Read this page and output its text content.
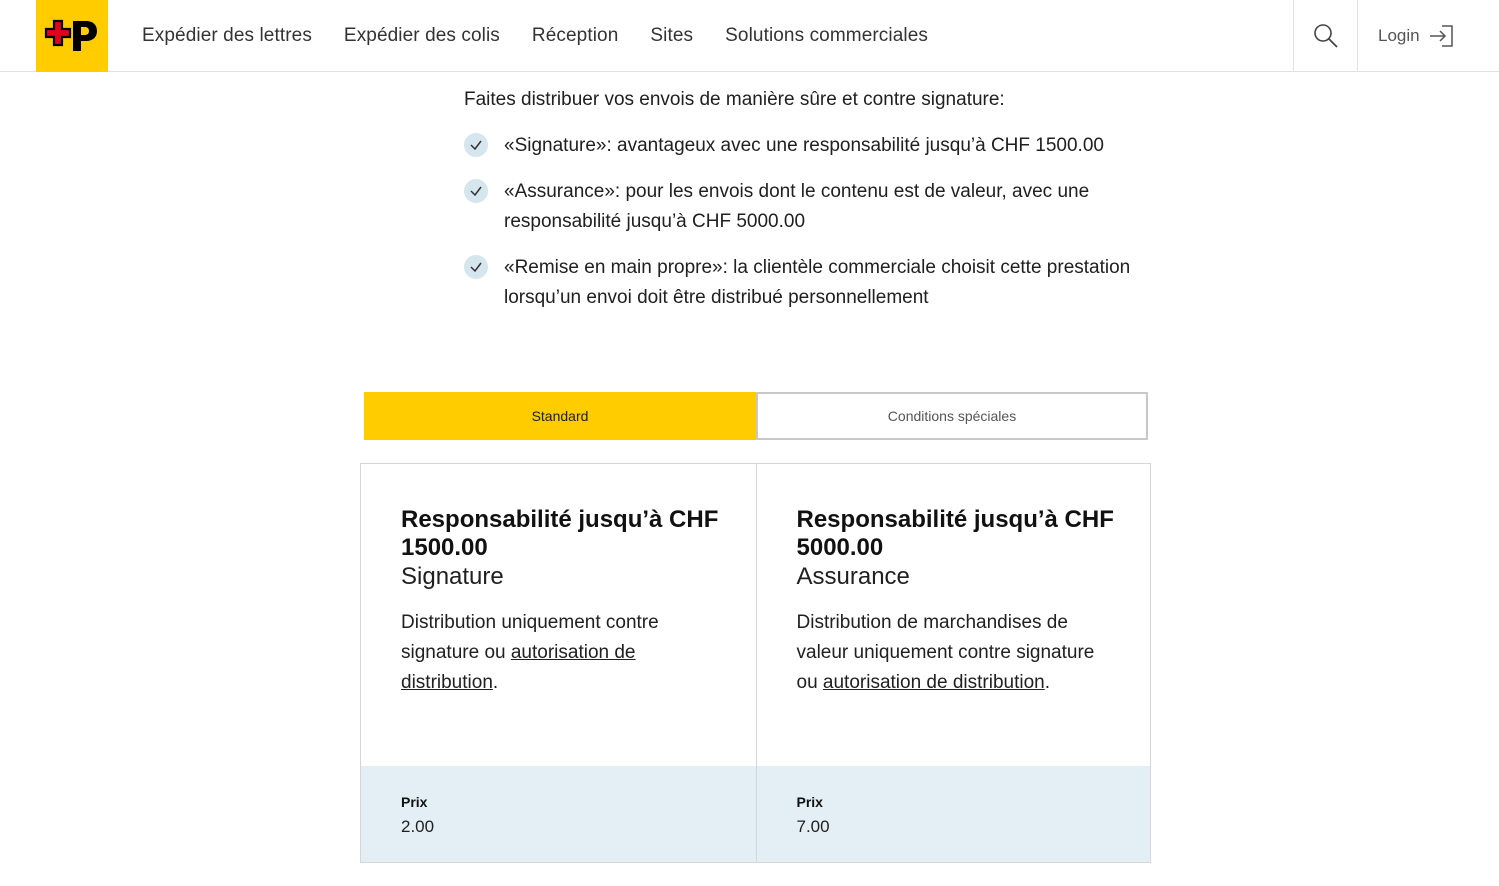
Expédier des lettres Expédier des colis Réception Sites Solutions commerciales	Login

Faites distribuer vos envois de manière sûre et contre signature:

«Signature»: avantageux avec une responsabilité jusqu’à CHF 1500.00
«Assurance»: pour les envois dont le contenu est de valeur, avec une responsabilité jusqu’à CHF 5000.00
«Remise en main propre»: la clientèle commerciale choisit cette prestation lorsqu’un envoi doit être distribué personnellement
Standard	Conditions spéciales
Responsabilité jusqu’à CHF 1500.00

Signature

Distribution uniquement contre signature ou autorisation de distribution.

Prix
2.00
Responsabilité jusqu’à CHF 5000.00

Assurance

Distribution de marchandises de valeur uniquement contre signature ou autorisation de distribution.

Prix
7.00
